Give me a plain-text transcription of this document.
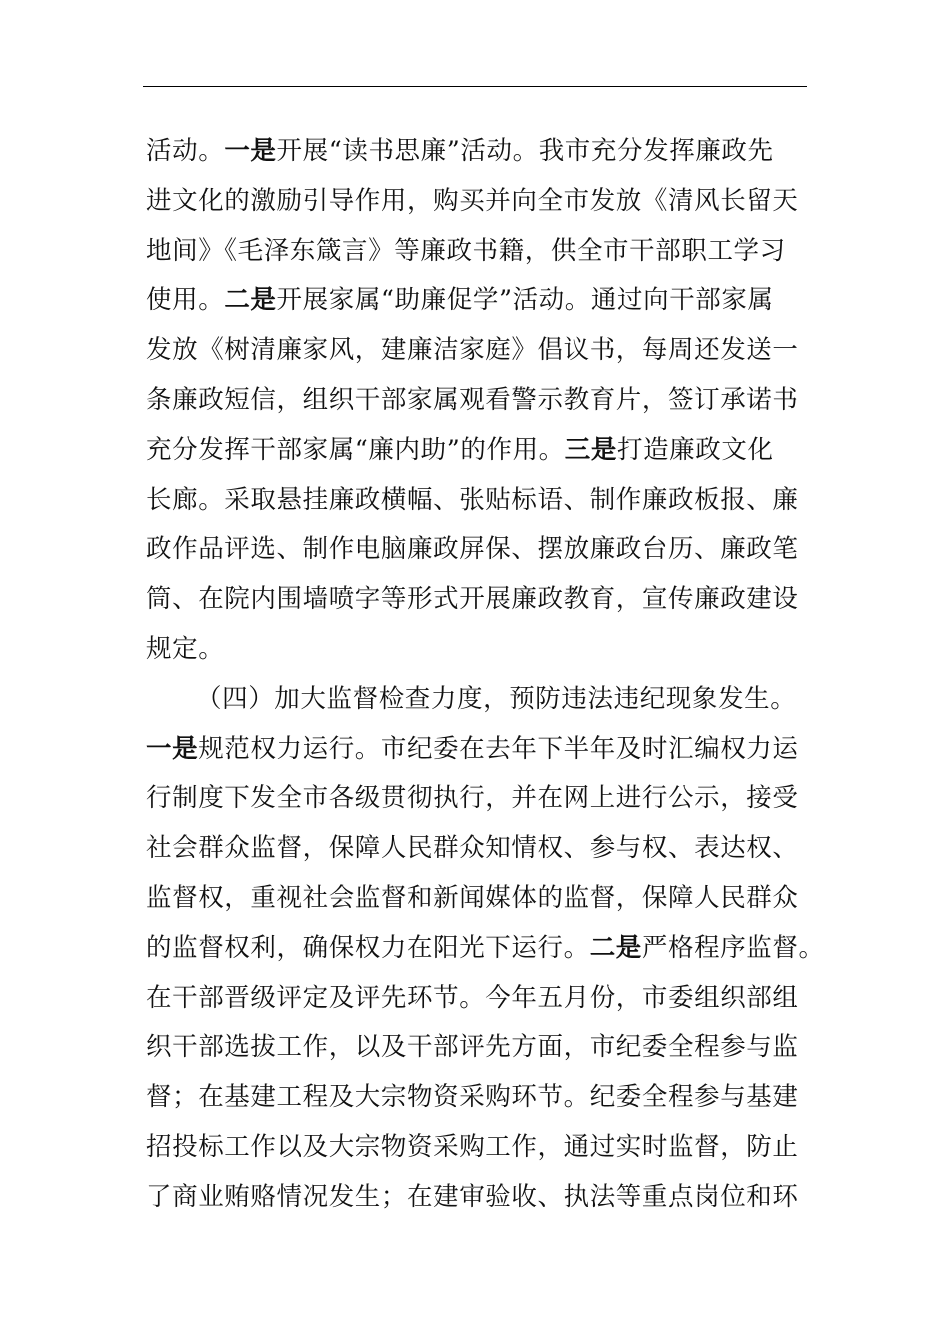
活动。一是开展“读书思廉”活动。我市充分发挥廉政先
进文化的激励引导作用，购买并向全市发放《清风长留天
地间》《毛泽东箴言》等廉政书籍，供全市干部职工学习
使用。二是开展家属“助廉促学”活动。通过向干部家属
发放《树清廉家风，建廉洁家庭》倡议书，每周还发送一
条廉政短信，组织干部家属观看警示教育片，签订承诺书
充分发挥干部家属“廉内助”的作用。三是打造廉政文化
长廊。采取悬挂廉政横幅、张贴标语、制作廉政板报、廉
政作品评选、制作电脑廉政屏保、摆放廉政台历、廉政笔
筒、在院内围墙喷字等形式开展廉政教育，宣传廉政建设
规定。
（四）加大监督检查力度，预防违法违纪现象发生。
一是规范权力运行。市纪委在去年下半年及时汇编权力运
行制度下发全市各级贯彻执行，并在网上进行公示，接受
社会群众监督，保障人民群众知情权、参与权、表达权、
监督权，重视社会监督和新闻媒体的监督，保障人民群众
的监督权利，确保权力在阳光下运行。二是严格程序监督。
在干部晋级评定及评先环节。今年五月份，市委组织部组
织干部选拔工作，以及干部评先方面，市纪委全程参与监
督；在基建工程及大宗物资采购环节。纪委全程参与基建
招投标工作以及大宗物资采购工作，通过实时监督，防止
了商业贿赂情况发生；在建审验收、执法等重点岗位和环
